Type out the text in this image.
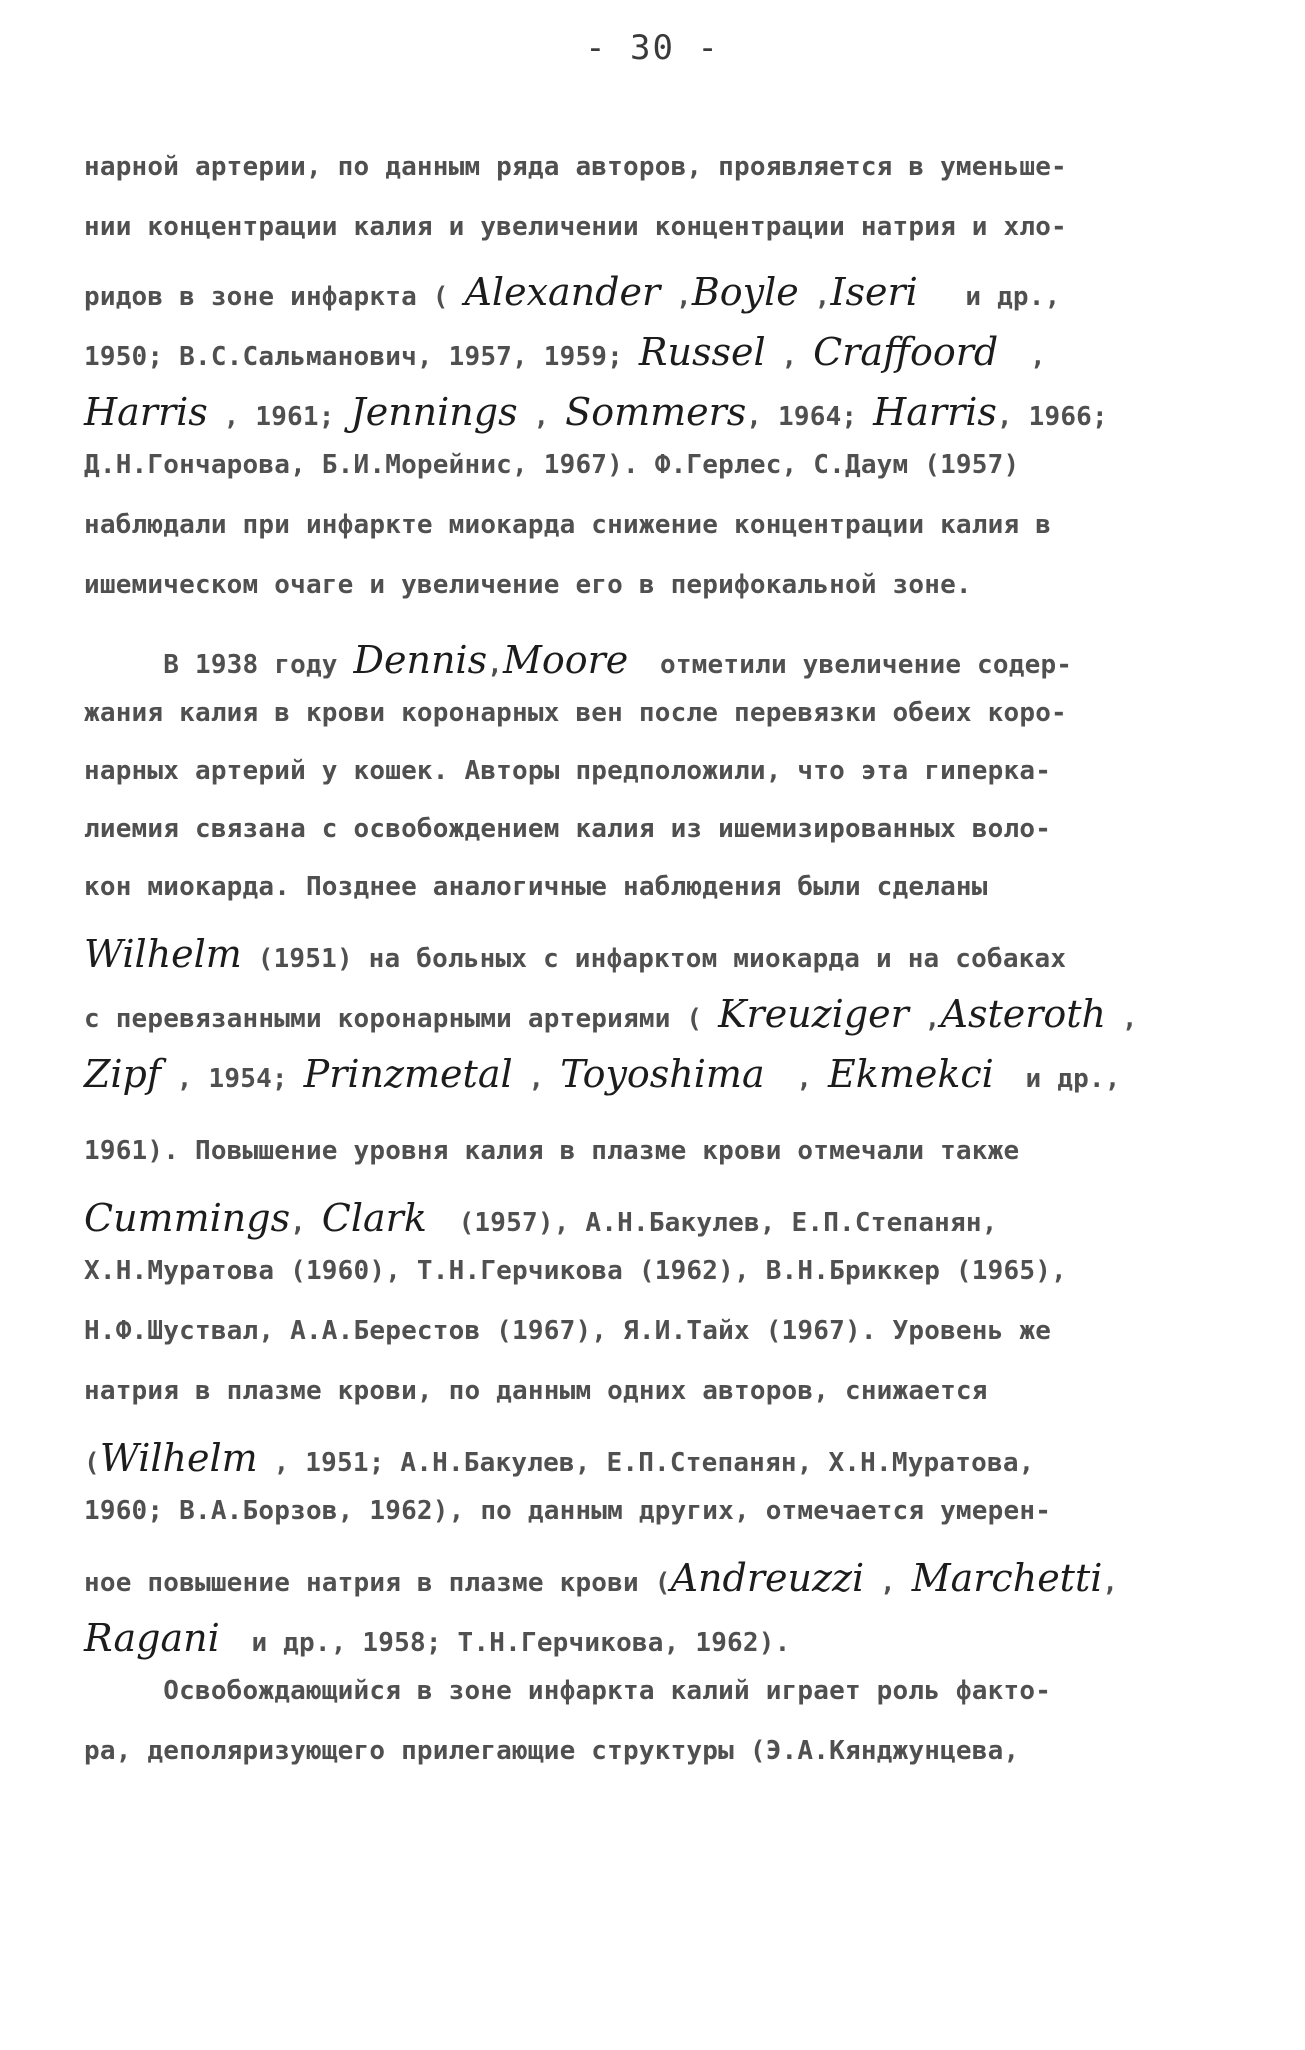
- 30 -
нарной артерии, по данным ряда авторов, проявляется в уменьше-
нии концентрации калия и увеличении концентрации натрия и хло-
ридов в зоне инфаркта ( Alexander ,Boyle ,Iseri   и др.,
1950; В.С.Сальманович, 1957, 1959; Russel , Craffoord  ,
Harris , 1961; Jennings , Sommers, 1964; Harris, 1966;
Д.Н.Гончарова, Б.И.Морейнис, 1967). Ф.Герлес, С.Даум (1957)
наблюдали при инфаркте миокарда снижение концентрации калия в
ишемическом очаге и увеличение его в перифокальной зоне.
В 1938 году Dennis,Moore  отметили увеличение содер-
жания калия в крови коронарных вен после перевязки обеих коро-
нарных артерий у кошек. Авторы предположили, что эта гиперка-
лиемия связана с освобождением калия из ишемизированных воло-
кон миокарда. Позднее аналогичные наблюдения были сделаны
Wilhelm (1951) на больных с инфарктом миокарда и на собаках
с перевязанными коронарными артериями ( Kreuziger ,Asteroth ,
Zipf , 1954; Prinzmetal , Toyoshima  , Ekmekci  и др.,
1961). Повышение уровня калия в плазме крови отмечали также
Cummings, Clark  (1957), А.Н.Бакулев, Е.П.Степанян,
Х.Н.Муратова (1960), Т.Н.Герчикова (1962), В.Н.Бриккер (1965),
Н.Ф.Шуствал, А.А.Берестов (1967), Я.И.Тайх (1967). Уровень же
натрия в плазме крови, по данным одних авторов, снижается
(Wilhelm , 1951; А.Н.Бакулев, Е.П.Степанян, Х.Н.Муратова,
1960; В.А.Борзов, 1962), по данным других, отмечается умерен-
ное повышение натрия в плазме крови (Andreuzzi , Marchetti,
Ragani  и др., 1958; Т.Н.Герчикова, 1962).
Освобождающийся в зоне инфаркта калий играет роль факто-
ра, деполяризующего прилегающие структуры (Э.А.Кянджунцева,
